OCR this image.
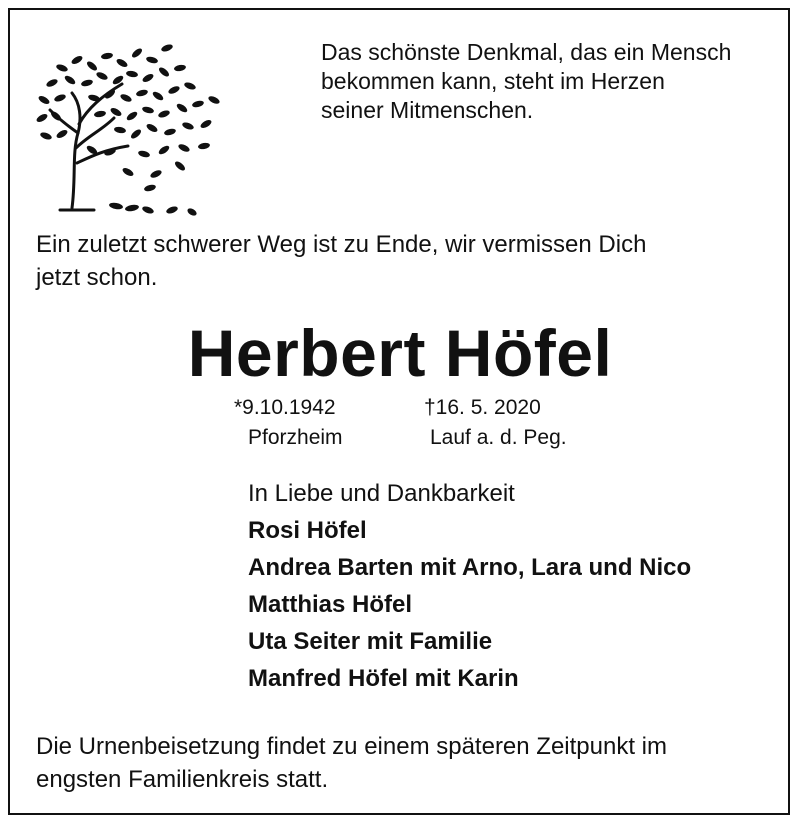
Das schönste Denkmal, das ein Mensch
bekommen kann, steht im Herzen
seiner Mitmenschen.
Ein zuletzt schwerer Weg ist zu Ende, wir vermissen Dich
jetzt schon.
Herbert Höfel
*9.10.1942
Pforzheim
†16. 5. 2020
Lauf a. d. Peg.
In Liebe und Dankbarkeit
Rosi Höfel
Andrea Barten mit Arno, Lara und Nico
Matthias Höfel
Uta Seiter mit Familie
Manfred Höfel mit Karin
Die Urnenbeisetzung findet zu einem späteren Zeitpunkt im
engsten Familienkreis statt.
